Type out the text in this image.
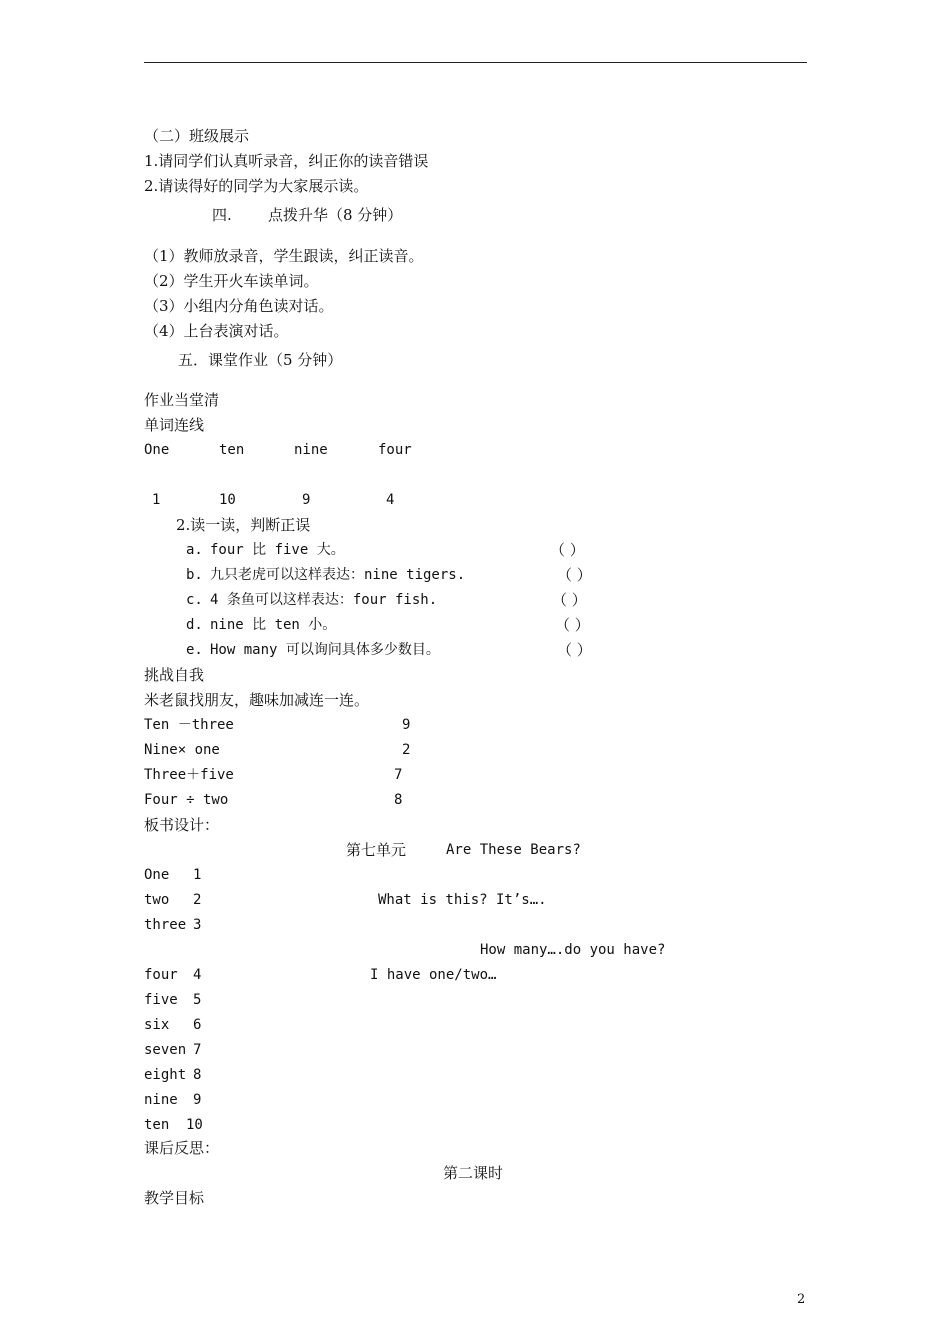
（二）班级展示
1.请同学们认真听录音，纠正你的读音错误
2.请读得好的同学为大家展示读。
四. 点拨升华（8 分钟）
（1）教师放录音，学生跟读，纠正读音。
（2）学生开火车读单词。
（3）小组内分角色读对话。
（4）上台表演对话。
五．课堂作业（5 分钟）
作业当堂清
单词连线
One	ten	nine	four
1	10	9	4
2.读一读，判断正误
a. four 比 five 大。	（ ）
b. 九只老虎可以这样表达：nine tigers.	（ ）
c. 4 条鱼可以这样表达：four fish.	（ ）
d. nine 比 ten 小。	（ ）
e. How many 可以询问具体多少数目。	（ ）
挑战自我
米老鼠找朋友，趣味加减连一连。
Ten －three	9
Nine× one	2
Three＋five	7
Four ÷ two	8
板书设计：
第七单元	Are These Bears?
One 1
two 2
three 3
four 4
five 5
six 6
seven 7
eight 8
nine 9
ten 10
What is this? It’s….
How many….do you have?
I have one/two…
课后反思：
第二课时
教学目标
2
